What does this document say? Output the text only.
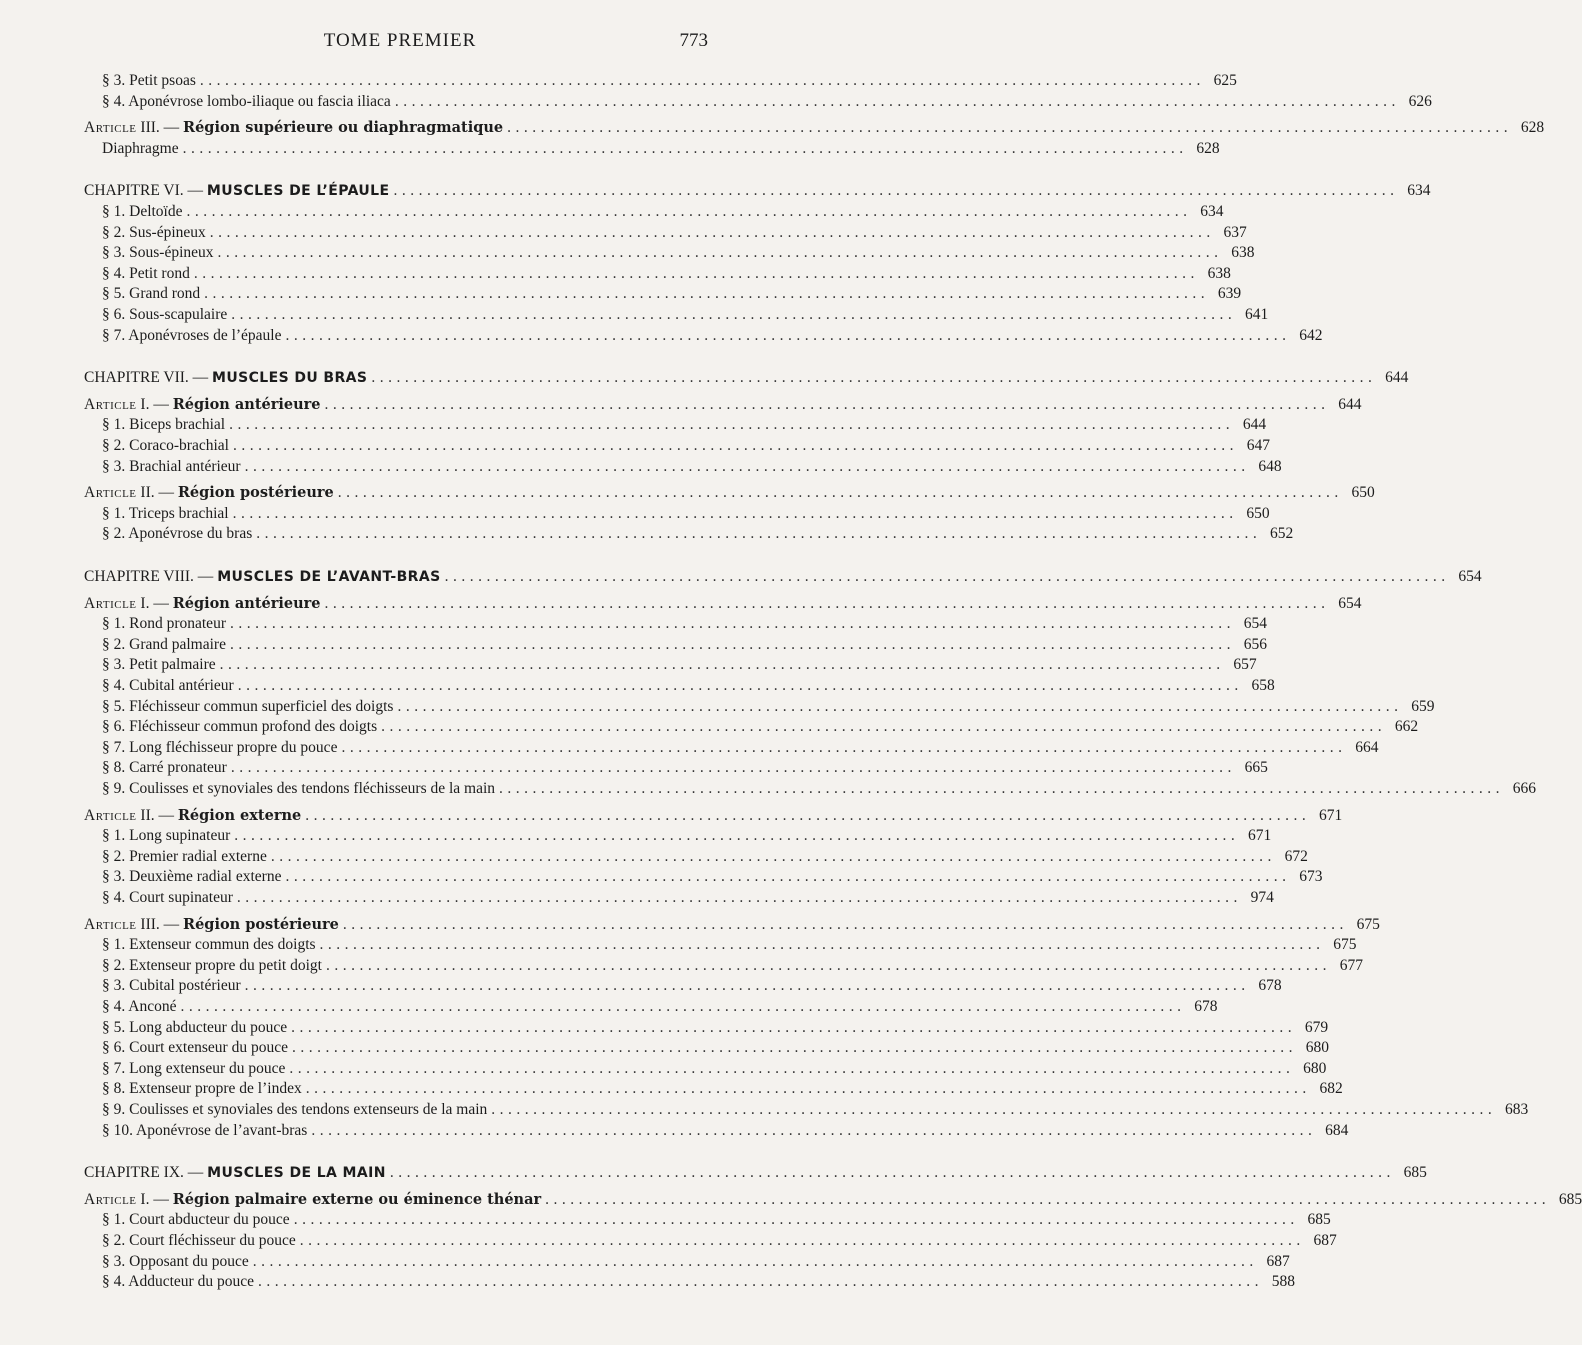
TOME PREMIER	773
§ 3. Petit psoas ........................................................................................................................ 625
§ 4. Aponévrose lombo-iliaque ou fascia iliaca ........................................................................................................................ 626
Article III. — Région supérieure ou diaphragmatique ........................................................................................................................ 628
Diaphragme ........................................................................................................................ 628
CHAPITRE VI. — MUSCLES DE L’ÉPAULE ........................................................................................................................ 634
§ 1. Deltoïde ........................................................................................................................ 634
§ 2. Sus-épineux ........................................................................................................................ 637
§ 3. Sous-épineux ........................................................................................................................ 638
§ 4. Petit rond ........................................................................................................................ 638
§ 5. Grand rond ........................................................................................................................ 639
§ 6. Sous-scapulaire ........................................................................................................................ 641
§ 7. Aponévroses de l’épaule ........................................................................................................................ 642
CHAPITRE VII. — MUSCLES DU BRAS ........................................................................................................................ 644
Article I. — Région antérieure ........................................................................................................................ 644
§ 1. Biceps brachial ........................................................................................................................ 644
§ 2. Coraco-brachial ........................................................................................................................ 647
§ 3. Brachial antérieur ........................................................................................................................ 648
Article II. — Région postérieure ........................................................................................................................ 650
§ 1. Triceps brachial ........................................................................................................................ 650
§ 2. Aponévrose du bras ........................................................................................................................ 652
CHAPITRE VIII. — MUSCLES DE L’AVANT-BRAS ........................................................................................................................ 654
Article I. — Région antérieure ........................................................................................................................ 654
§ 1. Rond pronateur ........................................................................................................................ 654
§ 2. Grand palmaire ........................................................................................................................ 656
§ 3. Petit palmaire ........................................................................................................................ 657
§ 4. Cubital antérieur ........................................................................................................................ 658
§ 5. Fléchisseur commun superficiel des doigts ........................................................................................................................ 659
§ 6. Fléchisseur commun profond des doigts ........................................................................................................................ 662
§ 7. Long fléchisseur propre du pouce ........................................................................................................................ 664
§ 8. Carré pronateur ........................................................................................................................ 665
§ 9. Coulisses et synoviales des tendons fléchisseurs de la main ........................................................................................................................ 666
Article II. — Région externe ........................................................................................................................ 671
§ 1. Long supinateur ........................................................................................................................ 671
§ 2. Premier radial externe ........................................................................................................................ 672
§ 3. Deuxième radial externe ........................................................................................................................ 673
§ 4. Court supinateur ........................................................................................................................ 974
Article III. — Région postérieure ........................................................................................................................ 675
§ 1. Extenseur commun des doigts ........................................................................................................................ 675
§ 2. Extenseur propre du petit doigt ........................................................................................................................ 677
§ 3. Cubital postérieur ........................................................................................................................ 678
§ 4. Anconé ........................................................................................................................ 678
§ 5. Long abducteur du pouce ........................................................................................................................ 679
§ 6. Court extenseur du pouce ........................................................................................................................ 680
§ 7. Long extenseur du pouce ........................................................................................................................ 680
§ 8. Extenseur propre de l’index ........................................................................................................................ 682
§ 9. Coulisses et synoviales des tendons extenseurs de la main ........................................................................................................................ 683
§ 10. Aponévrose de l’avant-bras ........................................................................................................................ 684
CHAPITRE IX. — MUSCLES DE LA MAIN ........................................................................................................................ 685
Article I. — Région palmaire externe ou éminence thénar ........................................................................................................................ 685
§ 1. Court abducteur du pouce ........................................................................................................................ 685
§ 2. Court fléchisseur du pouce ........................................................................................................................ 687
§ 3. Opposant du pouce ........................................................................................................................ 687
§ 4. Adducteur du pouce ........................................................................................................................ 588
